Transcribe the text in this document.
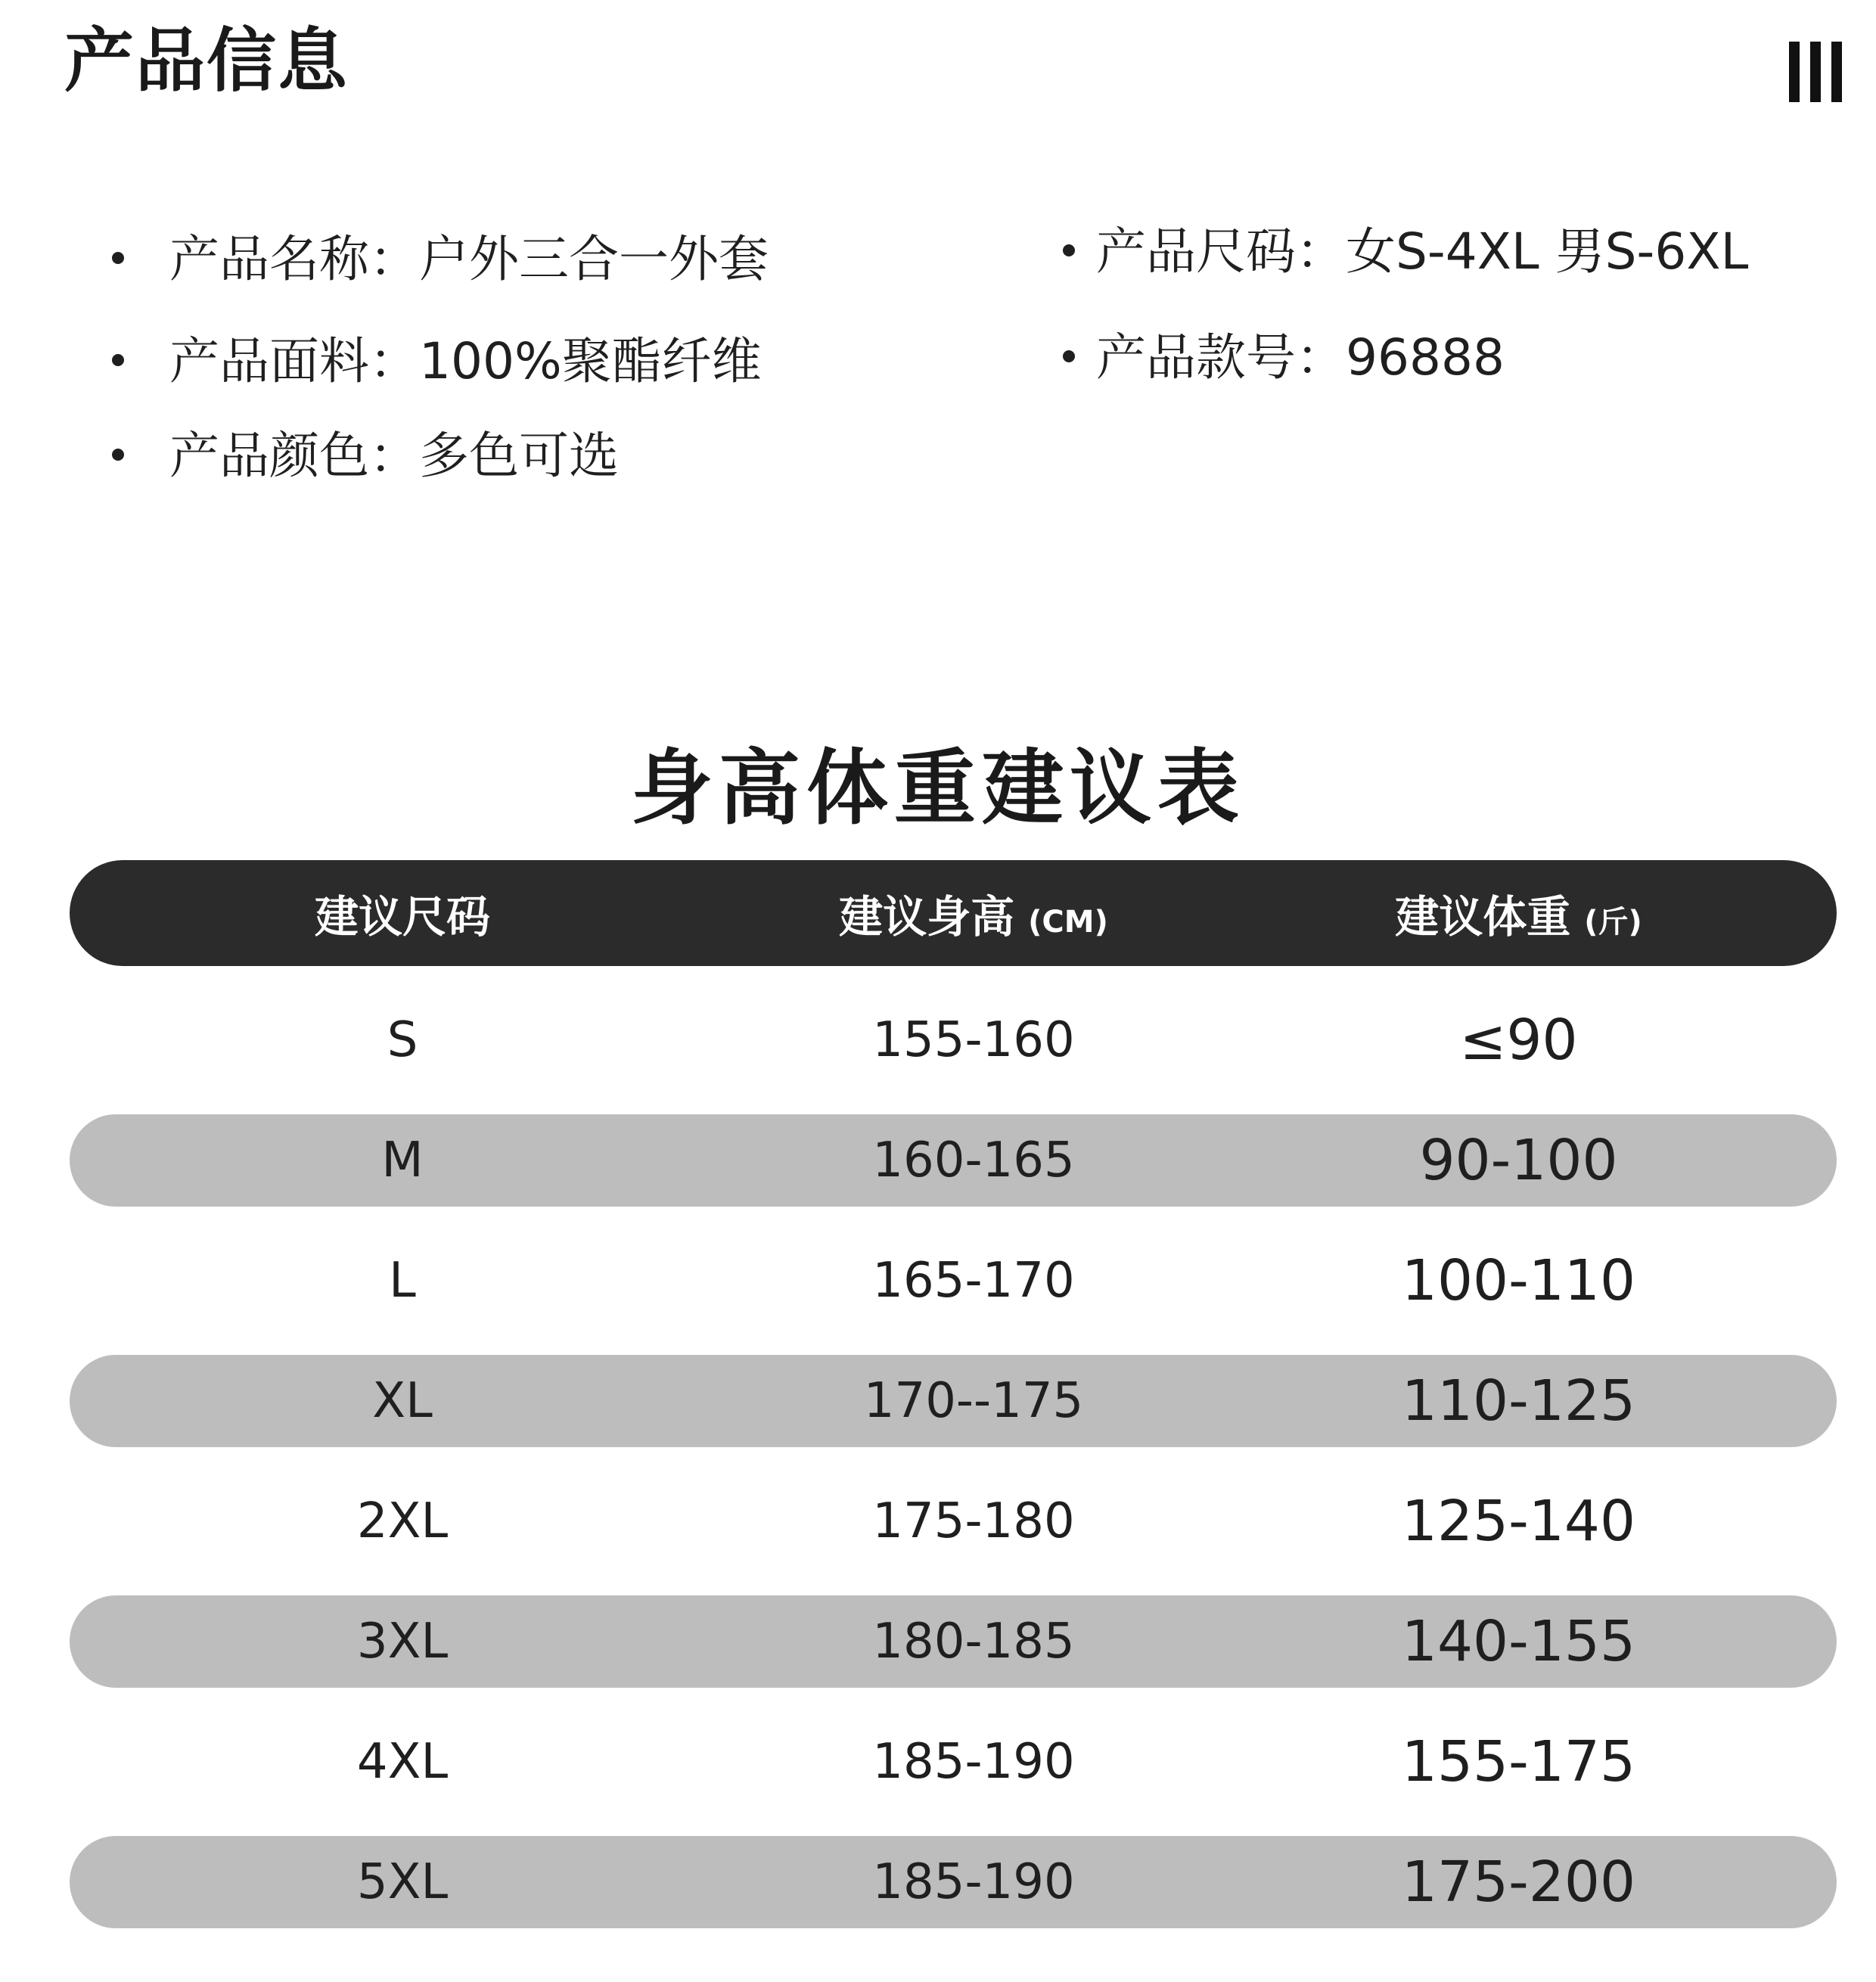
产品信息
产品名称：户外三合一外套
产品面料：100%聚酯纤维
产品颜色：多色可选
产品尺码：女S-4XL 男S-6XL
产品款号：96888
身高体重建议表
建议尺码	建议身高 (CM)	建议体重 (斤)
S	155-160	≤90
M	160-165	90-100
L	165-170	100-110
XL	170--175	110-125
2XL	175-180	125-140
3XL	180-185	140-155
4XL	185-190	155-175
5XL	185-190	175-200
